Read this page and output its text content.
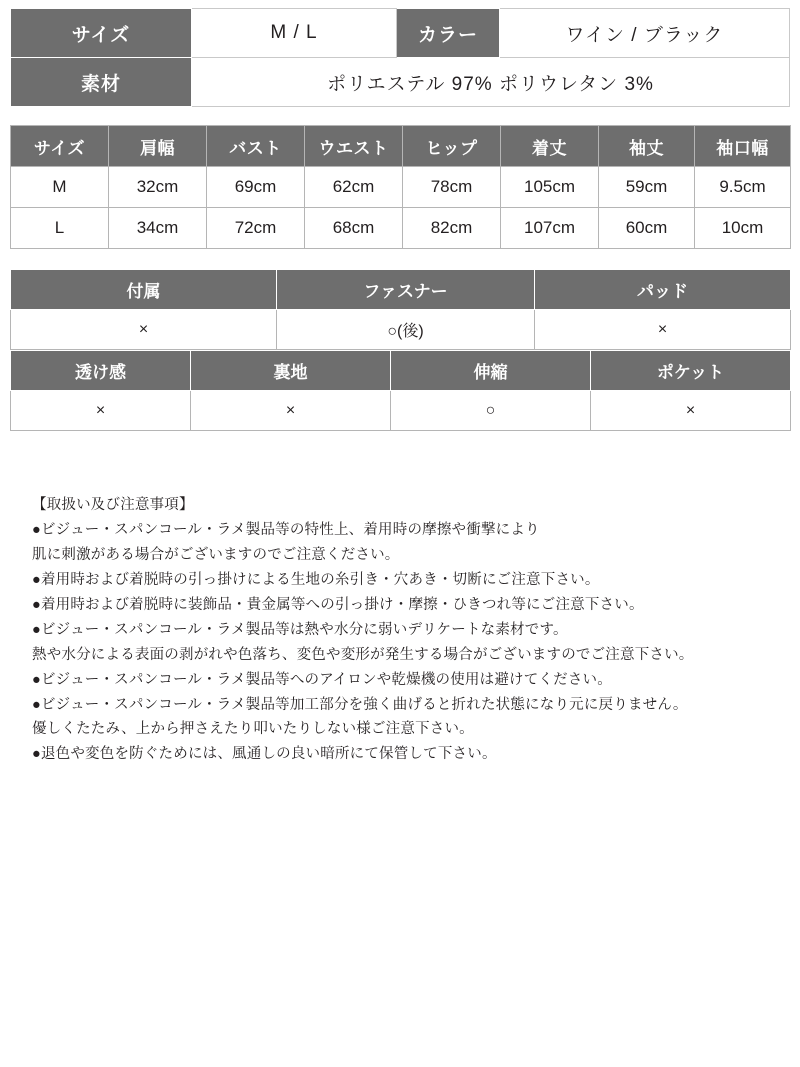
サイズ	M / L	カラー	ワイン / ブラック
素材	ポリエステル 97% ポリウレタン 3%		
サイズ	肩幅	バスト	ウエスト	ヒップ	着丈	袖丈	袖口幅
M	32cm	69cm	62cm	78cm	105cm	59cm	9.5cm
L	34cm	72cm	68cm	82cm	107cm	60cm	10cm
付属	ファスナー	パッド
×	○(後)	×
透け感	裏地	伸縮	ポケット
×	×	○	×
【取扱い及び注意事項】
●ビジュー・スパンコール・ラメ製品等の特性上、着用時の摩擦や衝撃により
肌に刺激がある場合がございますのでご注意ください。
●着用時および着脱時の引っ掛けによる生地の糸引き・穴あき・切断にご注意下さい。
●着用時および着脱時に装飾品・貴金属等への引っ掛け・摩擦・ひきつれ等にご注意下さい。
●ビジュー・スパンコール・ラメ製品等は熱や水分に弱いデリケートな素材です。
熱や水分による表面の剥がれや色落ち、変色や変形が発生する場合がございますのでご注意下さい。
●ビジュー・スパンコール・ラメ製品等へのアイロンや乾燥機の使用は避けてください。
●ビジュー・スパンコール・ラメ製品等加工部分を強く曲げると折れた状態になり元に戻りません。
優しくたたみ、上から押さえたり叩いたりしない様ご注意下さい。
●退色や変色を防ぐためには、風通しの良い暗所にて保管して下さい。
